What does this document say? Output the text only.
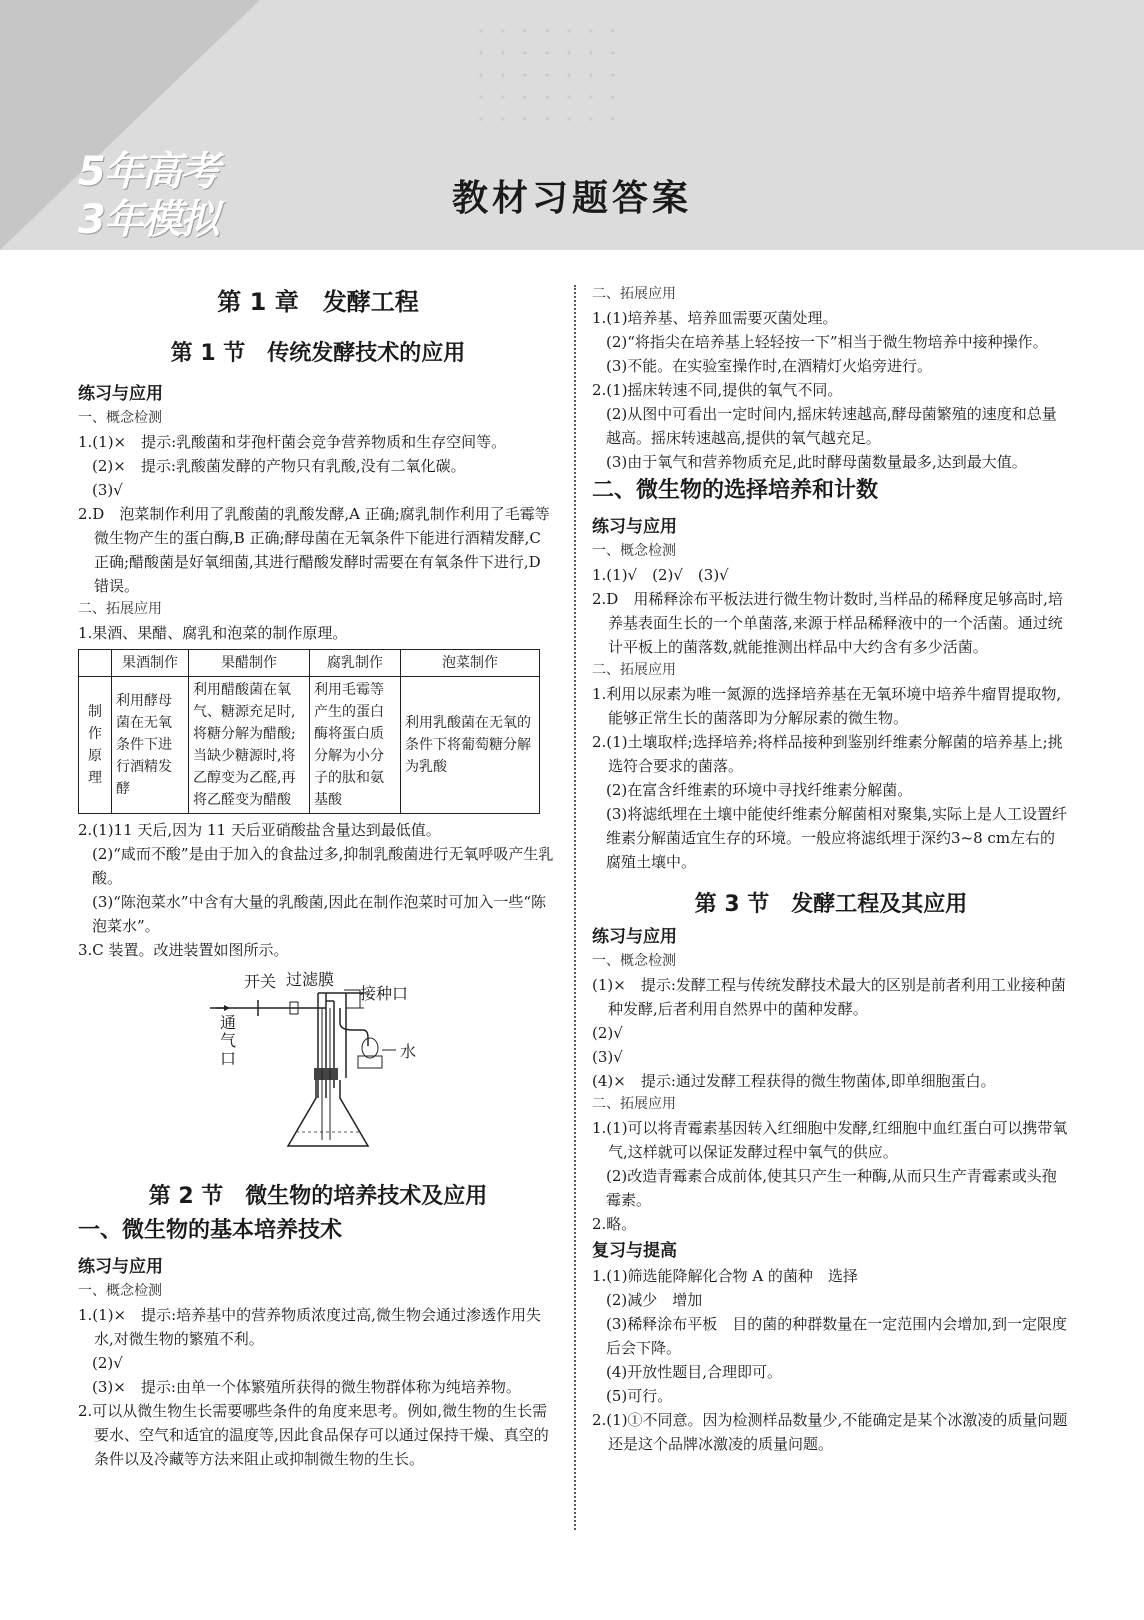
5年高考
3年模拟	教材习题答案
第 1 章　发酵工程
第 1 节　传统发酵技术的应用
练习与应用
一、概念检测

1.(1)×　提示:乳酸菌和芽孢杆菌会竞争营养物质和生存空间等。

(2)×　提示:乳酸菌发酵的产物只有乳酸,没有二氧化碳。

(3)√

2.D　泡菜制作利用了乳酸菌的乳酸发酵,A 正确;腐乳制作利用了毛霉等微生物产生的蛋白酶,B 正确;酵母菌在无氧条件下能进行酒精发酵,C 正确;醋酸菌是好氧细菌,其进行醋酸发酵时需要在有氧条件下进行,D 错误。

二、拓展应用

1.果酒、果醋、腐乳和泡菜的制作原理。

	果酒制作	果醋制作	腐乳制作	泡菜制作
制作原理	利用酵母菌在无氧条件下进行酒精发酵	利用醋酸菌在氧气、糖源充足时,将糖分解为醋酸;当缺少糖源时,将乙醇变为乙醛,再将乙醛变为醋酸	利用毛霉等产生的蛋白酶将蛋白质分解为小分子的肽和氨基酸	利用乳酸菌在无氧的条件下将葡萄糖分解为乳酸

2.(1)11 天后,因为 11 天后亚硝酸盐含量达到最低值。

(2)“咸而不酸”是由于加入的食盐过多,抑制乳酸菌进行无氧呼吸产生乳酸。

(3)“陈泡菜水”中含有大量的乳酸菌,因此在制作泡菜时可加入一些“陈泡菜水”。

3.C 装置。改进装置如图所示。

开关 过滤膜
接种口
通气口	水
第 2 节　微生物的培养技术及应用
一、微生物的基本培养技术
练习与应用
一、概念检测

1.(1)×　提示:培养基中的营养物质浓度过高,微生物会通过渗透作用失水,对微生物的繁殖不利。

(2)√

(3)×　提示:由单一个体繁殖所获得的微生物群体称为纯培养物。

2.可以从微生物生长需要哪些条件的角度来思考。例如,微生物的生长需要水、空气和适宜的温度等,因此食品保存可以通过保持干燥、真空的条件以及冷藏等方法来阻止或抑制微生物的生长。

二、拓展应用

1.(1)培养基、培养皿需要灭菌处理。

(2)“将指尖在培养基上轻轻按一下”相当于微生物培养中接种操作。

(3)不能。在实验室操作时,在酒精灯火焰旁进行。

2.(1)摇床转速不同,提供的氧气不同。

(2)从图中可看出一定时间内,摇床转速越高,酵母菌繁殖的速度和总量越高。摇床转速越高,提供的氧气越充足。

(3)由于氧气和营养物质充足,此时酵母菌数量最多,达到最大值。

二、微生物的选择培养和计数
练习与应用
一、概念检测

1.(1)√　(2)√　(3)√

2.D　用稀释涂布平板法进行微生物计数时,当样品的稀释度足够高时,培养基表面生长的一个单菌落,来源于样品稀释液中的一个活菌。通过统计平板上的菌落数,就能推测出样品中大约含有多少活菌。

二、拓展应用

1.利用以尿素为唯一氮源的选择培养基在无氧环境中培养牛瘤胃提取物,能够正常生长的菌落即为分解尿素的微生物。

2.(1)土壤取样;选择培养;将样品接种到鉴别纤维素分解菌的培养基上;挑选符合要求的菌落。

(2)在富含纤维素的环境中寻找纤维素分解菌。

(3)将滤纸埋在土壤中能使纤维素分解菌相对聚集,实际上是人工设置纤维素分解菌适宜生存的环境。一般应将滤纸埋于深约3~8 cm左右的腐殖土壤中。

第 3 节　发酵工程及其应用
练习与应用
一、概念检测

(1)×　提示:发酵工程与传统发酵技术最大的区别是前者利用工业接种菌种发酵,后者利用自然界中的菌种发酵。

(2)√

(3)√

(4)×　提示:通过发酵工程获得的微生物菌体,即单细胞蛋白。

二、拓展应用

1.(1)可以将青霉素基因转入红细胞中发酵,红细胞中血红蛋白可以携带氧气,这样就可以保证发酵过程中氧气的供应。

(2)改造青霉素合成前体,使其只产生一种酶,从而只生产青霉素或头孢霉素。

2.略。

复习与提高

1.(1)筛选能降解化合物 A 的菌种　选择

(2)减少　增加

(3)稀释涂布平板　目的菌的种群数量在一定范围内会增加,到一定限度后会下降。

(4)开放性题目,合理即可。

(5)可行。

2.(1)①不同意。因为检测样品数量少,不能确定是某个冰激凌的质量问题还是这个品牌冰激凌的质量问题。
